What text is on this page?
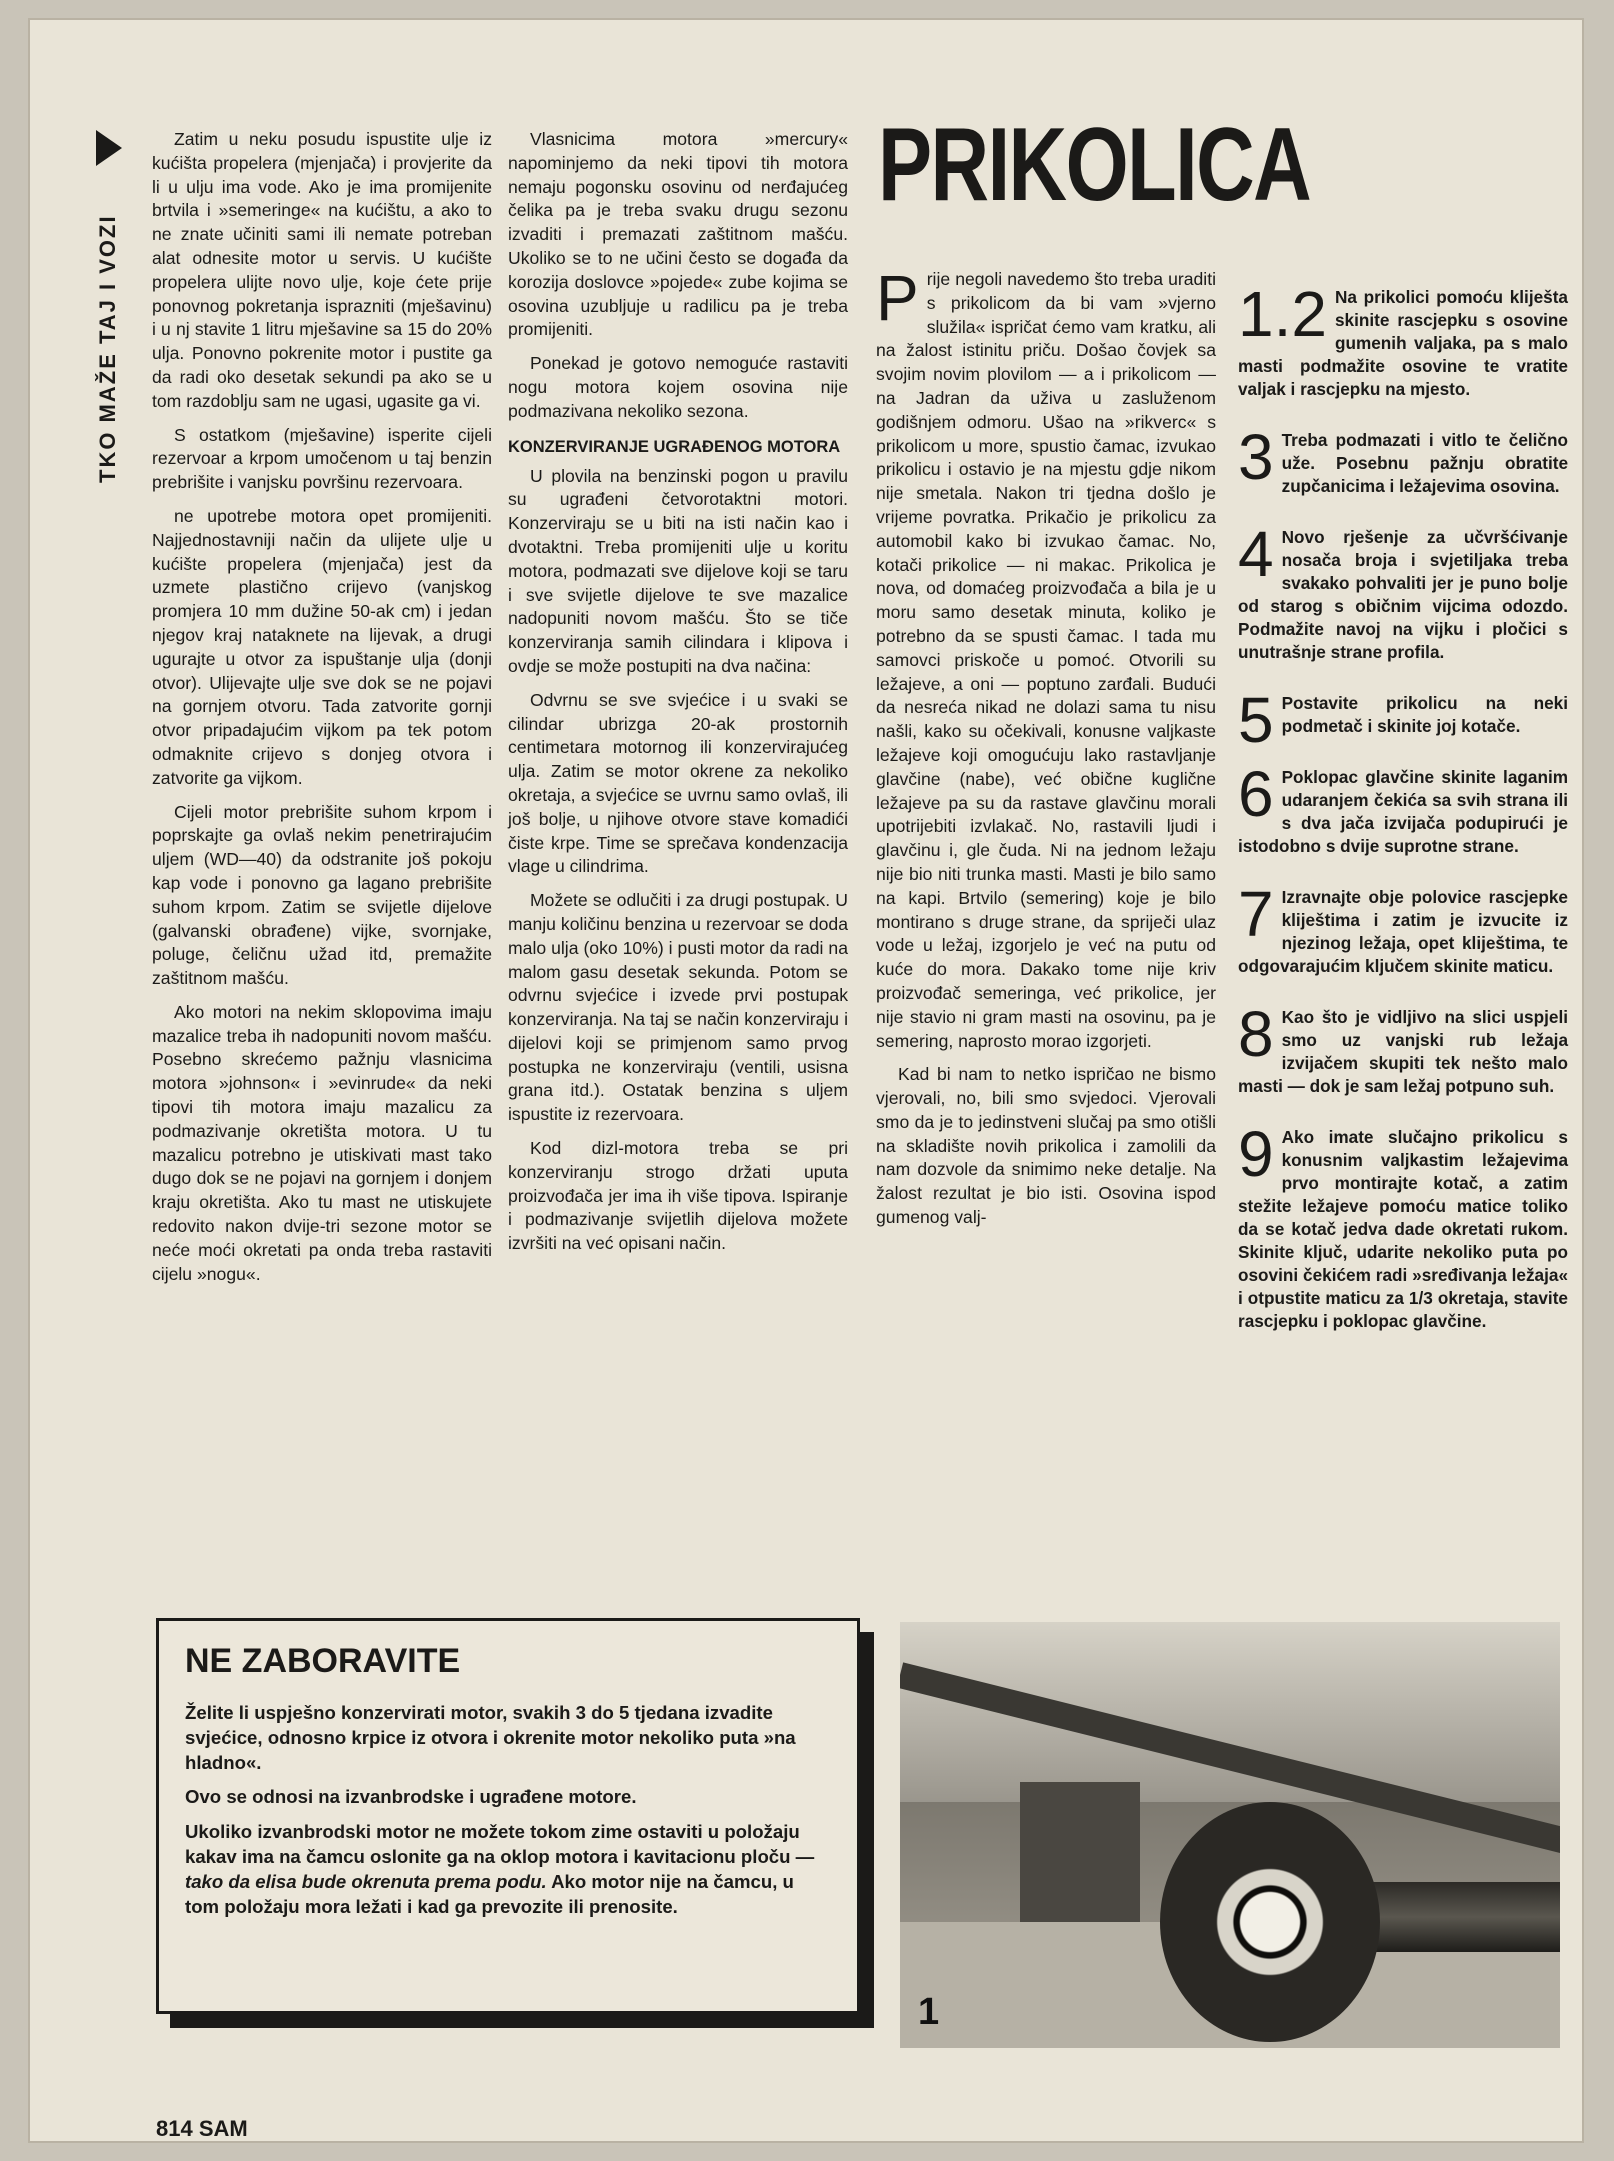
TKO MAŽE TAJ I VOZI

Zatim u neku posudu ispustite ulje iz kućišta propelera (mjenjača) i provjerite da li u ulju ima vode. Ako je ima promijenite brtvila i »semeringe« na kućištu, a ako to ne znate učiniti sami ili nemate potreban alat odnesite motor u servis. U kućište propelera ulijte novo ulje, koje ćete prije ponovnog pokretanja isprazniti (mješavinu) i u nj stavite 1 litru mješavine sa 15 do 20% ulja. Ponovno pokrenite motor i pustite ga da radi oko desetak sekundi pa ako se u tom razdoblju sam ne ugasi, ugasite ga vi.

S ostatkom (mješavine) isperite cijeli rezervoar a krpom umočenom u taj benzin prebrišite i vanjsku površinu rezervoara.

ne upotrebe motora opet promijeniti. Najjednostavniji način da ulijete ulje u kućište propelera (mjenjača) jest da uzmete plastično crijevo (vanjskog promjera 10 mm dužine 50-ak cm) i jedan njegov kraj nataknete na lijevak, a drugi ugurajte u otvor za ispuštanje ulja (donji otvor). Ulijevajte ulje sve dok se ne pojavi na gornjem otvoru. Tada zatvorite gornji otvor pripadajućim vijkom pa tek potom odmaknite crijevo s donjeg otvora i zatvorite ga vijkom.

Cijeli motor prebrišite suhom krpom i poprskajte ga ovlaš nekim penetrirajućim uljem (WD—40) da odstranite još pokoju kap vode i ponovno ga lagano prebrišite suhom krpom. Zatim se svijetle dijelove (galvanski obrađene) vijke, svornjake, poluge, čeličnu užad itd, premažite zaštitnom mašću.

Ako motori na nekim sklopovima imaju mazalice treba ih nadopuniti novom mašću. Posebno skrećemo pažnju vlasnicima motora »johnson« i »evinrude« da neki tipovi tih motora imaju mazalicu za podmazivanje okretišta motora. U tu mazalicu potrebno je utiskivati mast tako dugo dok se ne pojavi na gornjem i donjem kraju okretišta. Ako tu mast ne utiskujete redovito nakon dvije-tri sezone motor se neće moći okretati pa onda treba rastaviti cijelu »nogu«.

Vlasnicima motora »mercury« napominjemo da neki tipovi tih motora nemaju pogonsku osovinu od nerđajućeg čelika pa je treba svaku drugu sezonu izvaditi i premazati zaštitnom mašću. Ukoliko se to ne učini često se događa da korozija doslovce »pojede« zube kojima se osovina uzubljuje u radilicu pa je treba promijeniti.

Ponekad je gotovo nemoguće rastaviti nogu motora kojem osovina nije podmazivana nekoliko sezona.

KONZERVIRANJE UGRAĐENOG MOTORA

U plovila na benzinski pogon u pravilu su ugrađeni četvorotaktni motori. Konzerviraju se u biti na isti način kao i dvotaktni. Treba promijeniti ulje u koritu motora, podmazati sve dijelove koji se taru i sve svijetle dijelove te sve mazalice nadopuniti novom mašću. Što se tiče konzerviranja samih cilindara i klipova i ovdje se može postupiti na dva načina:

Odvrnu se sve svjećice i u svaki se cilindar ubrizga 20-ak prostornih centimetara motornog ili konzervirajućeg ulja. Zatim se motor okrene za nekoliko okretaja, a svjećice se uvrnu samo ovlaš, ili još bolje, u njihove otvore stave komadići čiste krpe. Time se sprečava kondenzacija vlage u cilindrima.

Možete se odlučiti i za drugi postupak. U manju količinu benzina u rezervoar se doda malo ulja (oko 10%) i pusti motor da radi na malom gasu desetak sekunda. Potom se odvrnu svjećice i izvede prvi postupak konzerviranja. Na taj se način konzerviraju i dijelovi koji se primjenom samo prvog postupka ne konzerviraju (ventili, usisna grana itd.). Ostatak benzina s uljem ispustite iz rezervoara.

Kod dizl-motora treba se pri konzerviranju strogo držati uputa proizvođača jer ima ih više tipova. Ispiranje i podmazivanje svijetlih dijelova možete izvršiti na već opisani način.

PRIKOLICA

P rije negoli navedemo što treba uraditi s prikolicom da bi vam »vjerno služila« ispričat ćemo vam kratku, ali na žalost istinitu priču. Došao čovjek sa svojim novim plovilom — a i prikolicom — na Jadran da uživa u zasluženom godišnjem odmoru. Ušao na »rikverc« s prikolicom u more, spustio čamac, izvukao prikolicu i ostavio je na mjestu gdje nikom nije smetala. Nakon tri tjedna došlo je vrijeme povratka. Prikačio je prikolicu za automobil kako bi izvukao čamac. No, kotači prikolice — ni makac. Prikolica je nova, od domaćeg proizvođača a bila je u moru samo desetak minuta, koliko je potrebno da se spusti čamac. I tada mu samovci priskoče u pomoć. Otvorili su ležajeve, a oni — poptuno zarđali. Budući da nesreća nikad ne dolazi sama tu nisu našli, kako su očekivali, konusne valjkaste ležajeve koji omogućuju lako rastavljanje glavčine (nabe), već obične kuglične ležajeve pa su da rastave glavčinu morali upotrijebiti izvlakač. No, rastavili ljudi i glavčinu i, gle čuda. Ni na jednom ležaju nije bio niti trunka masti. Masti je bilo samo na kapi. Brtvilo (semering) koje je bilo montirano s druge strane, da spriječi ulaz vode u ležaj, izgorjelo je već na putu od kuće do mora. Dakako tome nije kriv proizvođač semeringa, već prikolice, jer nije stavio ni gram masti na osovinu, pa je semering, naprosto morao izgorjeti.

Kad bi nam to netko ispričao ne bismo vjerovali, no, bili smo svjedoci. Vjerovali smo da je to jedinstveni slučaj pa smo otišli na skladište novih prikolica i zamolili da nam dozvole da snimimo neke detalje. Na žalost rezultat je bio isti. Osovina ispod gumenog valj-

1.2 Na prikolici pomoću kliješta skinite rascjepku s osovine gumenih valjaka, pa s malo masti podmažite osovine te vratite valjak i rascjepku na mjesto.
3 Treba podmazati i vitlo te čelično uže. Posebnu pažnju obratite zupčanicima i ležajevima osovina.
4 Novo rješenje za učvršćivanje nosača broja i svjetiljaka treba svakako pohvaliti jer je puno bolje od starog s običnim vijcima odozdo. Podmažite navoj na vijku i pločici s unutrašnje strane profila.
5 Postavite prikolicu na neki podmetač i skinite joj kotače.
6 Poklopac glavčine skinite laganim udaranjem čekića sa svih strana ili s dva jača izvijača podupirući je istodobno s dvije suprotne strane.
7 Izravnajte obje polovice rascjepke kliještima i zatim je izvucite iz njezinog ležaja, opet kliještima, te odgovarajućim ključem skinite maticu.
8 Kao što je vidljivo na slici uspjeli smo uz vanjski rub ležaja izvijačem skupiti tek nešto malo masti — dok je sam ležaj potpuno suh.
9 Ako imate slučajno prikolicu s konusnim valjkastim ležajevima prvo montirajte kotač, a zatim stežite ležajeve pomoću matice toliko da se kotač jedva dade okretati rukom. Skinite ključ, udarite nekoliko puta po osovini čekićem radi »sređivanja ležaja« i otpustite maticu za 1/3 okretaja, stavite rascjepku i poklopac glavčine.
NE ZABORAVITE

Želite li uspješno konzervirati motor, svakih 3 do 5 tjedana izvadite svjećice, odnosno krpice iz otvora i okrenite motor nekoliko puta »na hladno«.

Ovo se odnosi na izvanbrodske i ugrađene motore.

Ukoliko izvanbrodski motor ne možete tokom zime ostaviti u položaju kakav ima na čamcu oslonite ga na oklop motora i kavitacionu ploču — tako da elisa bude okrenuta prema podu. Ako motor nije na čamcu, u tom položaju mora ležati i kad ga prevozite ili prenosite.

1
814 SAM
